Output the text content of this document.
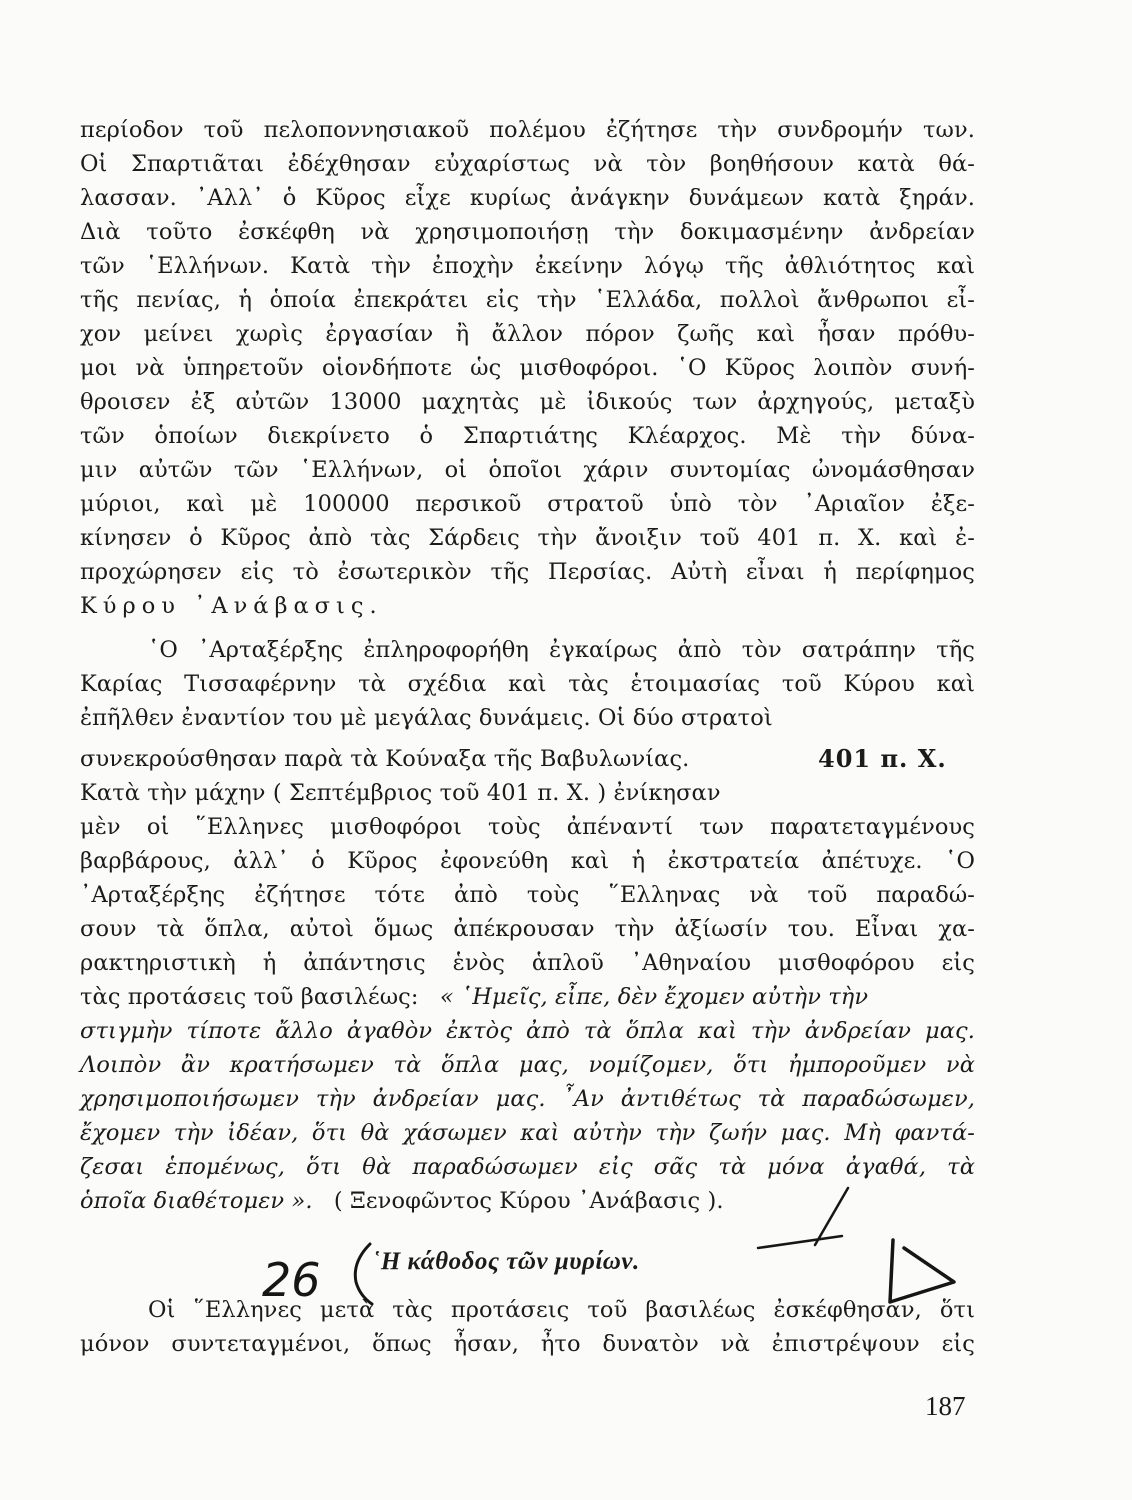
περίοδον τοῦ πελοποννησιακοῦ πολέμου ἐζήτησε τὴν συνδρομήν των.
Οἱ Σπαρτιᾶται ἐδέχθησαν εὐχαρίστως νὰ τὸν βοηθήσουν κατὰ θά-
λασσαν. ᾿Αλλ᾿ ὁ Κῦρος εἶχε κυρίως ἀνάγκην δυνάμεων κατὰ ξηράν.
Διὰ τοῦτο ἐσκέφθη νὰ χρησιμοποιήσῃ τὴν δοκιμασμένην ἀνδρείαν
τῶν ῾Ελλήνων. Κατὰ τὴν ἐποχὴν ἐκείνην λόγῳ τῆς ἀθλιότητος καὶ
τῆς πενίας, ἡ ὁποία ἐπεκράτει εἰς τὴν ῾Ελλάδα, πολλοὶ ἄνθρωποι εἶ-
χον μείνει χωρὶς ἐργασίαν ἢ ἄλλον πόρον ζωῆς καὶ ἦσαν πρόθυ-
μοι νὰ ὑπηρετοῦν οἱονδήποτε ὡς μισθοφόροι. ῾Ο Κῦρος λοιπὸν συνή-
θροισεν ἐξ αὐτῶν 13000 μαχητὰς μὲ ἰδικούς των ἀρχηγούς, μεταξὺ
τῶν ὁποίων διεκρίνετο ὁ Σπαρτιάτης Κλέαρχος. Μὲ τὴν δύνα-
μιν αὐτῶν τῶν ῾Ελλήνων, οἱ ὁποῖοι χάριν συντομίας ὠνομάσθησαν
μύριοι, καὶ μὲ 100000 περσικοῦ στρατοῦ ὑπὸ τὸν ᾿Αριαῖον ἐξε-
κίνησεν ὁ Κῦρος ἀπὸ τὰς Σάρδεις τὴν ἄνοιξιν τοῦ 401 π. Χ. καὶ ἐ-
προχώρησεν εἰς τὸ ἐσωτερικὸν τῆς Περσίας. Αὐτὴ εἶναι ἡ περίφημος
Κύρου ᾿Ανάβασις.
῾Ο ᾿Αρταξέρξης ἐπληροφορήθη ἐγκαίρως ἀπὸ τὸν σατράπην τῆς
Καρίας Τισσαφέρνην τὰ σχέδια καὶ τὰς ἑτοιμασίας τοῦ Κύρου καὶ
ἐπῆλθεν ἐναντίον του μὲ μεγάλας δυνάμεις. Οἱ δύο στρατοὶ
συνεκρούσθησαν παρὰ τὰ Κούναξα τῆς Βαβυλωνίας.	401 π. Χ.
Κατὰ τὴν μάχην ( Σεπτέμβριος τοῦ 401 π. Χ. ) ἐνίκησαν
μὲν οἱ ῞Ελληνες μισθοφόροι τοὺς ἀπέναντί των παρατεταγμένους
βαρβάρους, ἀλλ᾿ ὁ Κῦρος ἐφονεύθη καὶ ἡ ἐκστρατεία ἀπέτυχε. ῾Ο
᾿Αρταξέρξης ἐζήτησε τότε ἀπὸ τοὺς ῞Ελληνας νὰ τοῦ παραδώ-
σουν τὰ ὅπλα, αὐτοὶ ὅμως ἀπέκρουσαν τὴν ἀξίωσίν του. Εἶναι χα-
ρακτηριστικὴ ἡ ἀπάντησις ἑνὸς ἁπλοῦ ᾿Αθηναίου μισθοφόρου εἰς
τὰς προτάσεις τοῦ βασιλέως: « ῾Ημεῖς, εἶπε, δὲν ἔχομεν αὐτὴν τὴν
στιγμὴν τίποτε ἄλλο ἀγαθὸν ἐκτὸς ἀπὸ τὰ ὅπλα καὶ τὴν ἀνδρείαν μας.
Λοιπὸν ἂν κρατήσωμεν τὰ ὅπλα μας, νομίζομεν, ὅτι ἠμποροῦμεν νὰ
χρησιμοποιήσωμεν τὴν ἀνδρείαν μας. ῏Αν ἀντιθέτως τὰ παραδώσωμεν,
ἔχομεν τὴν ἰδέαν, ὅτι θὰ χάσωμεν καὶ αὐτὴν τὴν ζωήν μας. Μὴ φαντά-
ζεσαι ἑπομένως, ὅτι θὰ παραδώσωμεν εἰς σᾶς τὰ μόνα ἀγαθά, τὰ
ὁποῖα διαθέτομεν ». ( Ξενοφῶντος Κύρου ᾿Ανάβασις ).
῾Η κάθοδος τῶν μυρίων.
Οἱ ῞Ελληνες μετὰ τὰς προτάσεις τοῦ βασιλέως ἐσκέφθησαν, ὅτι
μόνον συντεταγμένοι, ὅπως ἦσαν, ἦτο δυνατὸν νὰ ἐπιστρέψουν εἰς
187
26
